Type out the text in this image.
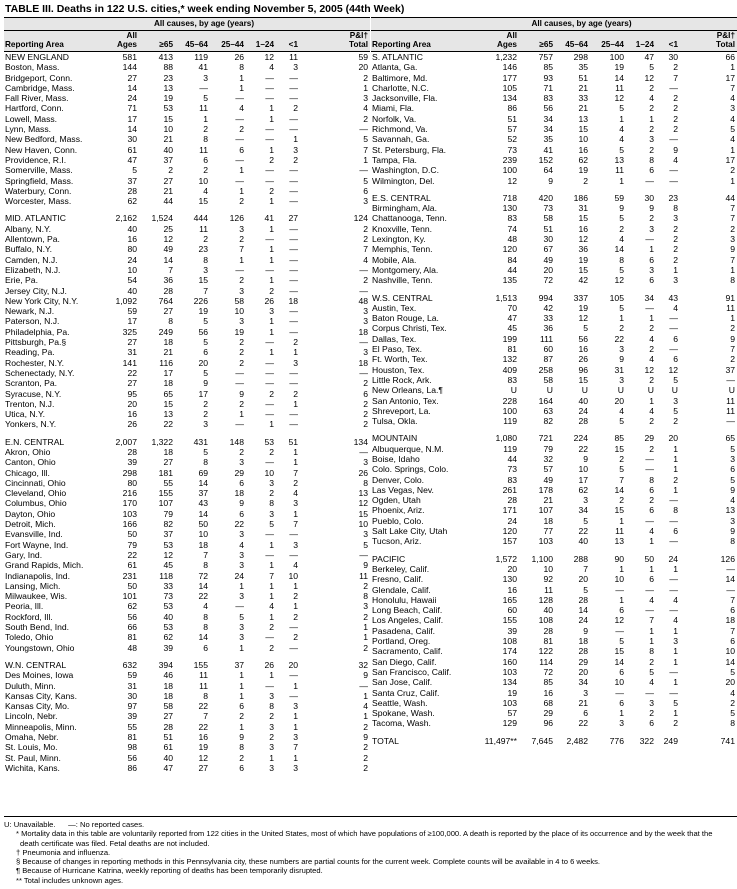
TABLE III. Deaths in 122 U.S. cities,* week ending November 5, 2005 (44th Week)
	All causes, by age (years)						
Reporting Area	All
Ages	≥65	45–64	25–44	1–24	<1	P&I†
Total
NEW ENGLAND	581	413	119	26	12	11	59
Boston, Mass.	144	88	41	8	4	3	20
Bridgeport, Conn.	27	23	3	1	—	—	2
Cambridge, Mass.	14	13	—	1	—	—	1
Fall River, Mass.	24	19	5	—	—	—	3
Hartford, Conn.	71	53	11	4	1	2	4
Lowell, Mass.	17	15	1	—	1	—	2
Lynn, Mass.	14	10	2	2	—	—	—
New Bedford, Mass.	30	21	8	—	—	1	5
New Haven, Conn.	61	40	11	6	1	3	7
Providence, R.I.	47	37	6	—	2	2	1
Somerville, Mass.	5	2	2	1	—	—	—
Springfield, Mass.	37	27	10	—	—	—	5
Waterbury, Conn.	28	21	4	1	2	—	6
Worcester, Mass.	62	44	15	2	1	—	3

MID. ATLANTIC	2,162	1,524	444	126	41	27	124
Albany, N.Y.	40	25	11	3	1	—	2
Allentown, Pa.	16	12	2	2	—	—	2
Buffalo, N.Y.	80	49	23	7	1	—	7
Camden, N.J.	24	14	8	1	1	—	4
Elizabeth, N.J.	10	7	3	—	—	—	—
Erie, Pa.	54	36	15	2	1	—	2
Jersey City, N.J.	40	28	7	3	2	—	—
New York City, N.Y.	1,092	764	226	58	26	18	48
Newark, N.J.	59	27	19	10	3	—	3
Paterson, N.J.	17	8	5	3	1	—	3
Philadelphia, Pa.	325	249	56	19	1	—	18
Pittsburgh, Pa.§	27	18	5	2	—	2	—
Reading, Pa.	31	21	6	2	1	1	3
Rochester, N.Y.	141	116	20	2	—	3	18
Schenectady, N.Y.	22	17	5	—	—	—	—
Scranton, Pa.	27	18	9	—	—	—	2
Syracuse, N.Y.	95	65	17	9	2	2	6
Trenton, N.J.	20	15	2	2	—	1	2
Utica, N.Y.	16	13	2	1	—	—	2
Yonkers, N.Y.	26	22	3	—	1	—	2

E.N. CENTRAL	2,007	1,322	431	148	53	51	134
Akron, Ohio	28	18	5	2	2	1	—
Canton, Ohio	39	27	8	3	—	1	3
Chicago, Ill.	298	181	69	29	10	7	26
Cincinnati, Ohio	80	55	14	6	3	2	8
Cleveland, Ohio	216	155	37	18	2	4	13
Columbus, Ohio	170	107	43	9	8	3	12
Dayton, Ohio	103	79	14	6	3	1	15
Detroit, Mich.	166	82	50	22	5	7	10
Evansville, Ind.	50	37	10	3	—	—	3
Fort Wayne, Ind.	79	53	18	4	1	3	5
Gary, Ind.	22	12	7	3	—	—	—
Grand Rapids, Mich.	61	45	8	3	1	4	9
Indianapolis, Ind.	231	118	72	24	7	10	11
Lansing, Mich.	50	33	14	1	1	1	2
Milwaukee, Wis.	101	73	22	3	1	2	8
Peoria, Ill.	62	53	4	—	4	1	3
Rockford, Ill.	56	40	8	5	1	2	2
South Bend, Ind.	66	53	8	3	2	—	1
Toledo, Ohio	81	62	14	3	—	2	1
Youngstown, Ohio	48	39	6	1	2	—	2

W.N. CENTRAL	632	394	155	37	26	20	32
Des Moines, Iowa	59	46	11	1	1	—	9
Duluth, Minn.	31	18	11	1	—	1	—
Kansas City, Kans.	30	18	8	1	3	—	1
Kansas City, Mo.	97	58	22	6	8	3	4
Lincoln, Nebr.	39	27	7	2	2	1	1
Minneapolis, Minn.	55	28	22	1	3	1	2
Omaha, Nebr.	81	51	16	9	2	3	9
St. Louis, Mo.	98	61	19	8	3	7	2
St. Paul, Minn.	56	40	12	2	1	1	2
Wichita, Kans.	86	47	27	6	3	3	2
	All causes, by age (years)						
Reporting Area	All
Ages	≥65	45–64	25–44	1–24	<1	P&I†
Total
S. ATLANTIC	1,232	757	298	100	47	30	66
Atlanta, Ga.	146	85	35	19	5	2	1
Baltimore, Md.	177	93	51	14	12	7	17
Charlotte, N.C.	105	71	21	11	2	—	7
Jacksonville, Fla.	134	83	33	12	4	2	4
Miami, Fla.	86	56	21	5	2	2	3
Norfolk, Va.	51	34	13	1	1	2	4
Richmond, Va.	57	34	15	4	2	2	5
Savannah, Ga.	52	35	10	4	3	—	4
St. Petersburg, Fla.	73	41	16	5	2	9	1
Tampa, Fla.	239	152	62	13	8	4	17
Washington, D.C.	100	64	19	11	6	—	2
Wilmington, Del.	12	9	2	1	—	—	1

E.S. CENTRAL	718	420	186	59	30	23	44
Birmingham, Ala.	130	73	31	9	9	8	7
Chattanooga, Tenn.	83	58	15	5	2	3	7
Knoxville, Tenn.	74	51	16	2	3	2	2
Lexington, Ky.	48	30	12	4	—	2	3
Memphis, Tenn.	120	67	36	14	1	2	9
Mobile, Ala.	84	49	19	8	6	2	7
Montgomery, Ala.	44	20	15	5	3	1	1
Nashville, Tenn.	135	72	42	12	6	3	8

W.S. CENTRAL	1,513	994	337	105	34	43	91
Austin, Tex.	70	42	19	5	—	4	11
Baton Rouge, La.	47	33	12	1	1	—	1
Corpus Christi, Tex.	45	36	5	2	2	—	2
Dallas, Tex.	199	111	56	22	4	6	9
El Paso, Tex.	81	60	16	3	2	—	7
Ft. Worth, Tex.	132	87	26	9	4	6	2
Houston, Tex.	409	258	96	31	12	12	37
Little Rock, Ark.	83	58	15	3	2	5	—
New Orleans, La.¶	U	U	U	U	U	U	U
San Antonio, Tex.	228	164	40	20	1	3	11
Shreveport, La.	100	63	24	4	4	5	11
Tulsa, Okla.	119	82	28	5	2	2	—

MOUNTAIN	1,080	721	224	85	29	20	65
Albuquerque, N.M.	119	79	22	15	2	1	5
Boise, Idaho	44	32	9	2	—	1	3
Colo. Springs, Colo.	73	57	10	5	—	1	6
Denver, Colo.	83	49	17	7	8	2	5
Las Vegas, Nev.	261	178	62	14	6	1	9
Ogden, Utah	28	21	3	2	2	—	4
Phoenix, Ariz.	171	107	34	15	6	8	13
Pueblo, Colo.	24	18	5	1	—	—	3
Salt Lake City, Utah	120	77	22	11	4	6	9
Tucson, Ariz.	157	103	40	13	1	—	8

PACIFIC	1,572	1,100	288	90	50	24	126
Berkeley, Calif.	20	10	7	1	1	1	—
Fresno, Calif.	130	92	20	10	6	—	14
Glendale, Calif.	16	11	5	—	—	—	—
Honolulu, Hawaii	165	128	28	1	4	4	7
Long Beach, Calif.	60	40	14	6	—	—	6
Los Angeles, Calif.	155	108	24	12	7	4	18
Pasadena, Calif.	39	28	9	—	1	1	7
Portland, Oreg.	108	81	18	5	1	3	6
Sacramento, Calif.	174	122	28	15	8	1	10
San Diego, Calif.	160	114	29	14	2	1	14
San Francisco, Calif.	103	72	20	6	5	—	5
San Jose, Calif.	134	85	34	10	4	1	20
Santa Cruz, Calif.	19	16	3	—	—	—	4
Seattle, Wash.	103	68	21	6	3	5	2
Spokane, Wash.	57	29	6	1	2	1	5
Tacoma, Wash.	129	96	22	3	6	2	8

TOTAL	11,497**	7,645	2,482	776	322	249	741
U: Unavailable.      —: No reported cases.
* Mortality data in this table are voluntarily reported from 122 cities in the United States, most of which have populations of ≥100,000. A death is reported by the place of its occurrence and by the week that the death certificate was filed. Fetal deaths are not included.
† Pneumonia and influenza.
§ Because of changes in reporting methods in this Pennsylvania city, these numbers are partial counts for the current week. Complete counts will be available in 4 to 6 weeks.
¶ Because of Hurricane Katrina, weekly reporting of deaths has been temporarily disrupted.
** Total includes unknown ages.
